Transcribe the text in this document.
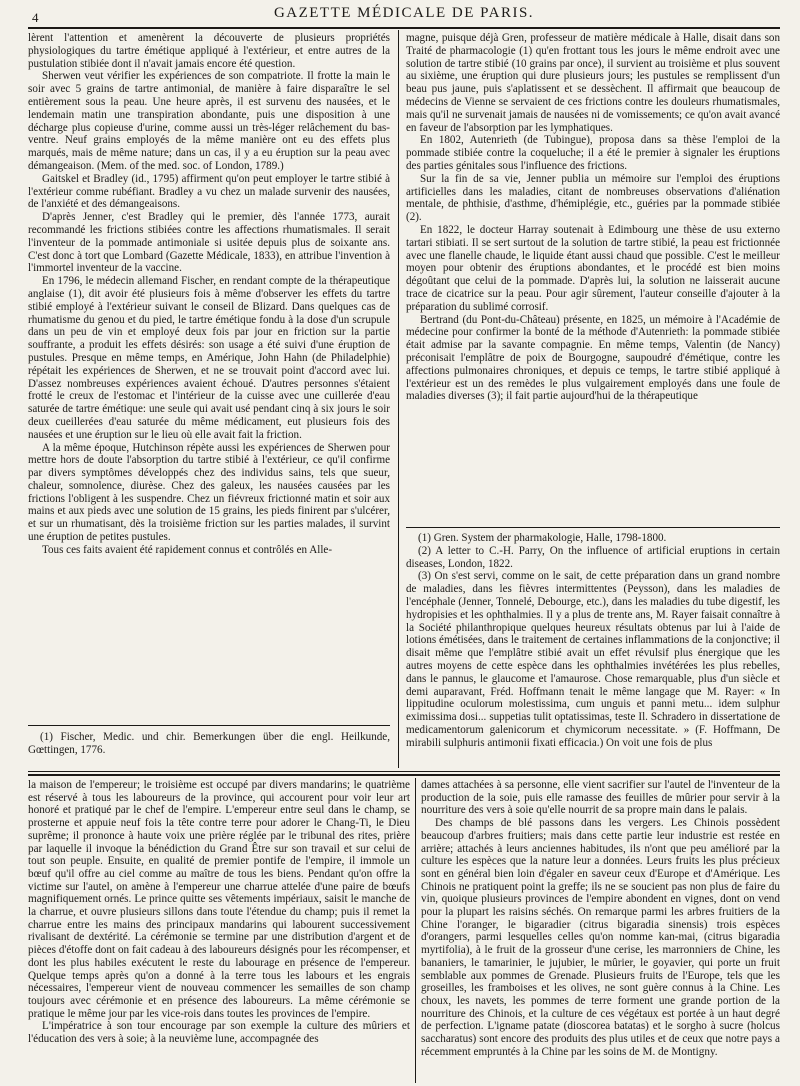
4	GAZETTE MÉDICALE DE PARIS.

lèrent l'attention et amenèrent la découverte de plusieurs propriétés physiologiques du tartre émétique appliqué à l'extérieur, et entre autres de la pustulation stibiée dont il n'avait jamais encore été question.

Sherwen veut vérifier les expériences de son compatriote. Il frotte la main le soir avec 5 grains de tartre antimonial, de manière à faire disparaître le sel entièrement sous la peau. Une heure après, il est survenu des nausées, et le lendemain matin une transpiration abondante, puis une disposition à une décharge plus copieuse d'urine, comme aussi un très-léger relâchement du bas-ventre. Neuf grains employés de la même manière ont eu des effets plus marqués, mais de même nature; dans un cas, il y a eu éruption sur la peau avec démangeaison. (Mem. of the med. soc. of London, 1789.)

Gaitskel et Bradley (id., 1795) affirment qu'on peut employer le tartre stibié à l'extérieur comme rubéfiant. Bradley a vu chez un malade survenir des nausées, de l'anxiété et des démangeaisons.

D'après Jenner, c'est Bradley qui le premier, dès l'année 1773, aurait recommandé les frictions stibiées contre les affections rhumatismales. Il serait l'inventeur de la pommade antimoniale si usitée depuis plus de soixante ans. C'est donc à tort que Lombard (Gazette Médicale, 1833), en attribue l'invention à l'immortel inventeur de la vaccine.

En 1796, le médecin allemand Fischer, en rendant compte de la thérapeutique anglaise (1), dit avoir été plusieurs fois à même d'observer les effets du tartre stibié employé à l'extérieur suivant le conseil de Blizard. Dans quelques cas de rhumatisme du genou et du pied, le tartre émétique fondu à la dose d'un scrupule dans un peu de vin et employé deux fois par jour en friction sur la partie souffrante, a produit les effets désirés: son usage a été suivi d'une éruption de pustules. Presque en même temps, en Amérique, John Hahn (de Philadelphie) répétait les expériences de Sherwen, et ne se trouvait point d'accord avec lui. D'assez nombreuses expériences avaient échoué. D'autres personnes s'étaient frotté le creux de l'estomac et l'intérieur de la cuisse avec une cuillerée d'eau saturée de tartre émétique: une seule qui avait usé pendant cinq à six jours le soir deux cueillerées d'eau saturée du même médicament, eut plusieurs fois des nausées et une éruption sur le lieu où elle avait fait la friction.

A la même époque, Hutchinson répète aussi les expériences de Sherwen pour mettre hors de doute l'absorption du tartre stibié à l'extérieur, ce qu'il confirme par divers symptômes développés chez des individus sains, tels que sueur, chaleur, somnolence, diurèse. Chez des galeux, les nausées causées par les frictions l'obligent à les suspendre. Chez un fiévreux frictionné matin et soir aux mains et aux pieds avec une solution de 15 grains, les pieds finirent par s'ulcérer, et sur un rhumatisant, dès la troisième friction sur les parties malades, il survint une éruption de petites pustules.

Tous ces faits avaient été rapidement connus et contrôlés en Alle-

(1) Fischer, Medic. und chir. Bemerkungen über die engl. Heilkunde, Gœttingen, 1776.

magne, puisque déjà Gren, professeur de matière médicale à Halle, disait dans son Traité de pharmacologie (1) qu'en frottant tous les jours le même endroit avec une solution de tartre stibié (10 grains par once), il survient au troisième et plus souvent au sixième, une éruption qui dure plusieurs jours; les pustules se remplissent d'un beau pus jaune, puis s'aplatissent et se dessèchent. Il affirmait que beaucoup de médecins de Vienne se servaient de ces frictions contre les douleurs rhumatismales, mais qu'il ne survenait jamais de nausées ni de vomissements; ce qu'on avait avancé en faveur de l'absorption par les lymphatiques.

En 1802, Autenrieth (de Tubingue), proposa dans sa thèse l'emploi de la pommade stibiée contre la coqueluche; il a été le premier à signaler les éruptions des parties génitales sous l'influence des frictions.

Sur la fin de sa vie, Jenner publia un mémoire sur l'emploi des éruptions artificielles dans les maladies, citant de nombreuses observations d'aliénation mentale, de phthisie, d'asthme, d'hémiplégie, etc., guéries par la pommade stibiée (2).

En 1822, le docteur Harray soutenait à Edimbourg une thèse de usu externo tartari stibiati. Il se sert surtout de la solution de tartre stibié, la peau est frictionnée avec une flanelle chaude, le liquide étant aussi chaud que possible. C'est le meilleur moyen pour obtenir des éruptions abondantes, et le procédé est bien moins dégoûtant que celui de la pommade. D'après lui, la solution ne laisserait aucune trace de cicatrice sur la peau. Pour agir sûrement, l'auteur conseille d'ajouter à la préparation du sublimé corrosif.

Bertrand (du Pont-du-Château) présente, en 1825, un mémoire à l'Académie de médecine pour confirmer la bonté de la méthode d'Autenrieth: la pommade stibiée était admise par la savante compagnie. En même temps, Valentin (de Nancy) préconisait l'emplâtre de poix de Bourgogne, saupoudré d'émétique, contre les affections pulmonaires chroniques, et depuis ce temps, le tartre stibié appliqué à l'extérieur est un des remèdes le plus vulgairement employés dans une foule de maladies diverses (3); il fait partie aujourd'hui de la thérapeutique

(1) Gren. System der pharmakologie, Halle, 1798-1800.

(2) A letter to C.-H. Parry, On the influence of artificial eruptions in certain diseases, London, 1822.

(3) On s'est servi, comme on le sait, de cette préparation dans un grand nombre de maladies, dans les fièvres intermittentes (Peysson), dans les maladies de l'encéphale (Jenner, Tonnelé, Debourge, etc.), dans les maladies du tube digestif, les hydropisies et les ophthalmies. Il y a plus de trente ans, M. Rayer faisait connaître à la Société philanthropique quelques heureux résultats obtenus par lui à l'aide de lotions émétisées, dans le traitement de certaines inflammations de la conjonctive; il disait même que l'emplâtre stibié avait un effet révulsif plus énergique que les autres moyens de cette espèce dans les ophthalmies invétérées les plus rebelles, dans le pannus, le glaucome et l'amaurose. Chose remarquable, plus d'un siècle et demi auparavant, Fréd. Hoffmann tenait le même langage que M. Rayer: « In lippitudine oculorum molestissima, cum unguis et panni metu... idem sulphur eximissima dosi... suppetias tulit optatissimas, teste Il. Schradero in dissertatione de medicamentorum galenicorum et chymicorum necessitate. » (F. Hoffmann, De mirabili sulphuris antimonii fixati efficacia.) On voit une fois de plus

la maison de l'empereur; le troisième est occupé par divers mandarins; le quatrième est réservé à tous les laboureurs de la province, qui accourent pour voir leur art honoré et pratiqué par le chef de l'empire. L'empereur entre seul dans le champ, se prosterne et appuie neuf fois la tête contre terre pour adorer le Chang-Ti, le Dieu suprême; il prononce à haute voix une prière réglée par le tribunal des rites, prière par laquelle il invoque la bénédiction du Grand Être sur son travail et sur celui de tout son peuple. Ensuite, en qualité de premier pontife de l'empire, il immole un bœuf qu'il offre au ciel comme au maître de tous les biens. Pendant qu'on offre la victime sur l'autel, on amène à l'empereur une charrue attelée d'une paire de bœufs magnifiquement ornés. Le prince quitte ses vêtements impériaux, saisit le manche de la charrue, et ouvre plusieurs sillons dans toute l'étendue du champ; puis il remet la charrue entre les mains des principaux mandarins qui labourent successivement rivalisant de dextérité. La cérémonie se termine par une distribution d'argent et de pièces d'étoffe dont on fait cadeau à des laboureurs désignés pour les récompenser, et dont les plus habiles exécutent le reste du labourage en présence de l'empereur. Quelque temps après qu'on a donné à la terre tous les labours et les engrais nécessaires, l'empereur vient de nouveau commencer les semailles de son champ toujours avec cérémonie et en présence des laboureurs. La même cérémonie se pratique le même jour par les vice-rois dans toutes les provinces de l'empire.

L'impératrice à son tour encourage par son exemple la culture des mûriers et l'éducation des vers à soie; à la neuvième lune, accompagnée des

dames attachées à sa personne, elle vient sacrifier sur l'autel de l'inventeur de la production de la soie, puis elle ramasse des feuilles de mûrier pour servir à la nourriture des vers à soie qu'elle nourrit de sa propre main dans le palais.

Des champs de blé passons dans les vergers. Les Chinois possèdent beaucoup d'arbres fruitiers; mais dans cette partie leur industrie est restée en arrière; attachés à leurs anciennes habitudes, ils n'ont que peu amélioré par la culture les espèces que la nature leur a données. Leurs fruits les plus précieux sont en général bien loin d'égaler en saveur ceux d'Europe et d'Amérique. Les Chinois ne pratiquent point la greffe; ils ne se soucient pas non plus de faire du vin, quoique plusieurs provinces de l'empire abondent en vignes, dont on vend pour la plupart les raisins séchés. On remarque parmi les arbres fruitiers de la Chine l'oranger, le bigaradier (citrus bigaradia sinensis) trois espèces d'orangers, parmi lesquelles celles qu'on nomme kan-mai, (citrus bigaradia myrtifolia), à le fruit de la grosseur d'une cerise, les marronniers de Chine, les bananiers, le tamarinier, le jujubier, le mûrier, le goyavier, qui porte un fruit semblable aux pommes de Grenade. Plusieurs fruits de l'Europe, tels que les groseilles, les framboises et les olives, ne sont guère connus à la Chine. Les choux, les navets, les pommes de terre forment une grande portion de la nourriture des Chinois, et la culture de ces végétaux est portée à un haut degré de perfection. L'igname patate (dioscorea batatas) et le sorgho à sucre (holcus saccharatus) sont encore des produits des plus utiles et de ceux que notre pays a récemment empruntés à la Chine par les soins de M. de Montigny.
